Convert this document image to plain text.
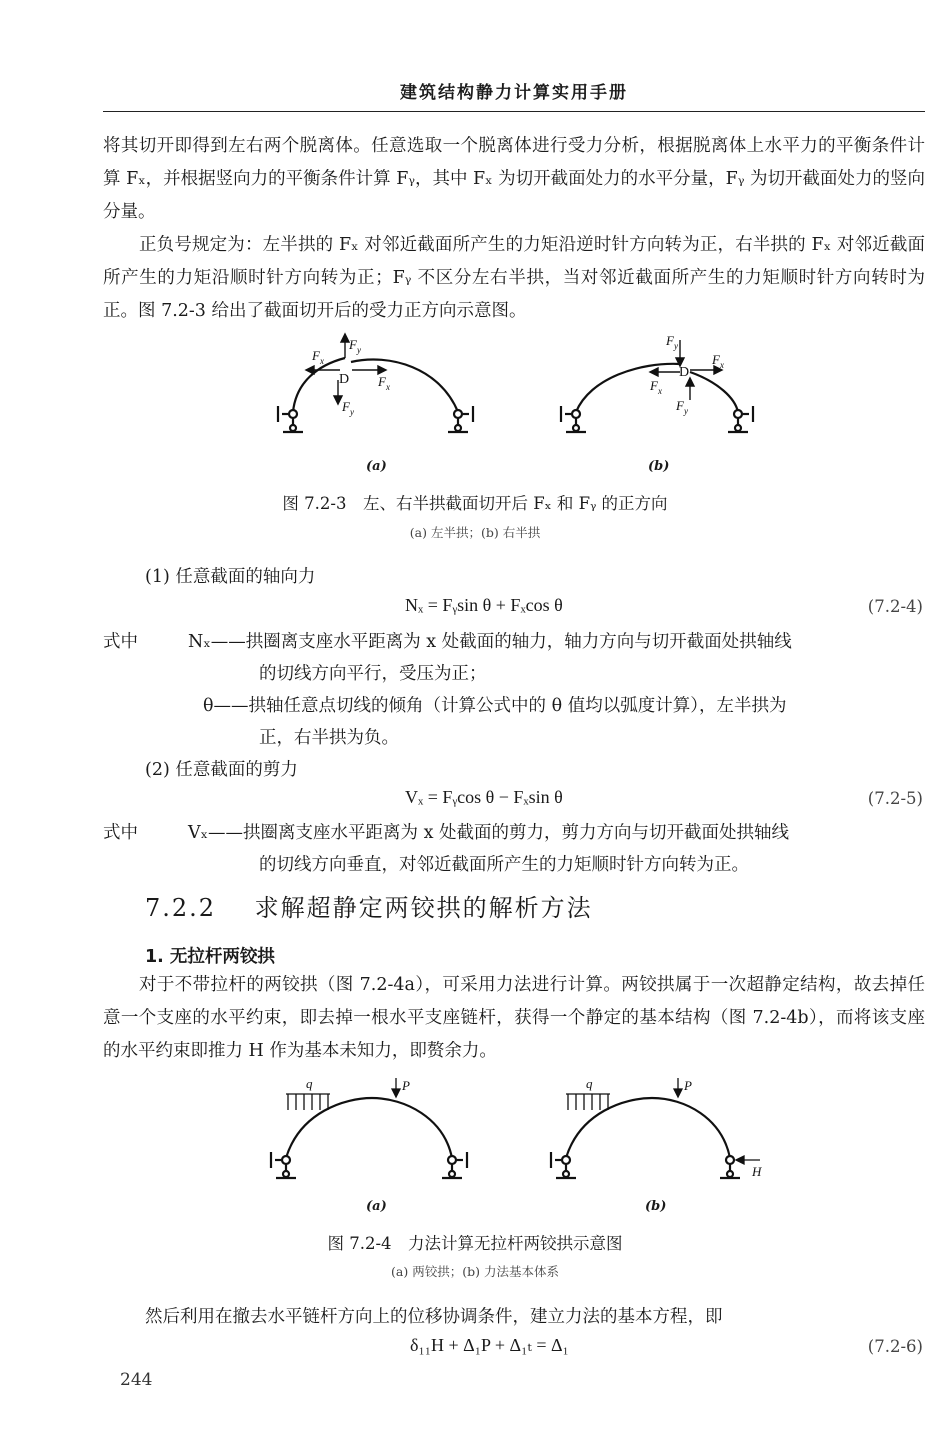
建筑结构静力计算实用手册
将其切开即得到左右两个脱离体。任意选取一个脱离体进行受力分析，根据脱离体上水平力的平衡条件计算 Fₓ，并根据竖向力的平衡条件计算 Fᵧ，其中 Fₓ 为切开截面处力的水平分量，Fᵧ 为切开截面处力的竖向分量。
正负号规定为：左半拱的 Fₓ 对邻近截面所产生的力矩沿逆时针方向转为正，右半拱的 Fₓ 对邻近截面所产生的力矩沿顺时针方向转为正；Fᵧ 不区分左右半拱，当对邻近截面所产生的力矩顺时针方向转时为正。图 7.2-3 给出了截面切开后的受力正方向示意图。
F x
F y
F x
F y
F y
F x
F x
F y
D	D
(a)	(b)
图 7.2-3　左、右半拱截面切开后 Fₓ 和 Fᵧ 的正方向
(a) 左半拱；(b) 右半拱
(1) 任意截面的轴向力
Nₓ = Fᵧsin θ + Fₓcos θ	(7.2-4)
式中	Nₓ——拱圈离支座水平距离为 x 处截面的轴力，轴力方向与切开截面处拱轴线
的切线方向平行，受压为正；
θ——拱轴任意点切线的倾角（计算公式中的 θ 值均以弧度计算），左半拱为
正，右半拱为负。
(2) 任意截面的剪力
Vₓ = Fᵧcos θ − Fₓsin θ	(7.2-5)
式中	Vₓ——拱圈离支座水平距离为 x 处截面的剪力，剪力方向与切开截面处拱轴线
的切线方向垂直，对邻近截面所产生的力矩顺时针方向转为正。
7.2.2 求解超静定两铰拱的解析方法
1. 无拉杆两铰拱
对于不带拉杆的两铰拱（图 7.2-4a），可采用力法进行计算。两铰拱属于一次超静定结构，故去掉任意一个支座的水平约束，即去掉一根水平支座链杆，获得一个静定的基本结构（图 7.2-4b），而将该支座的水平约束即推力 H 作为基本未知力，即赘余力。
q	P	q	P
H
(a)	(b)
图 7.2-4　力法计算无拉杆两铰拱示意图
(a) 两铰拱；(b) 力法基本体系
然后利用在撤去水平链杆方向上的位移协调条件，建立力法的基本方程，即
δ₁₁H + Δ₁P + Δ₁ₜ = Δ₁	(7.2-6)
244
